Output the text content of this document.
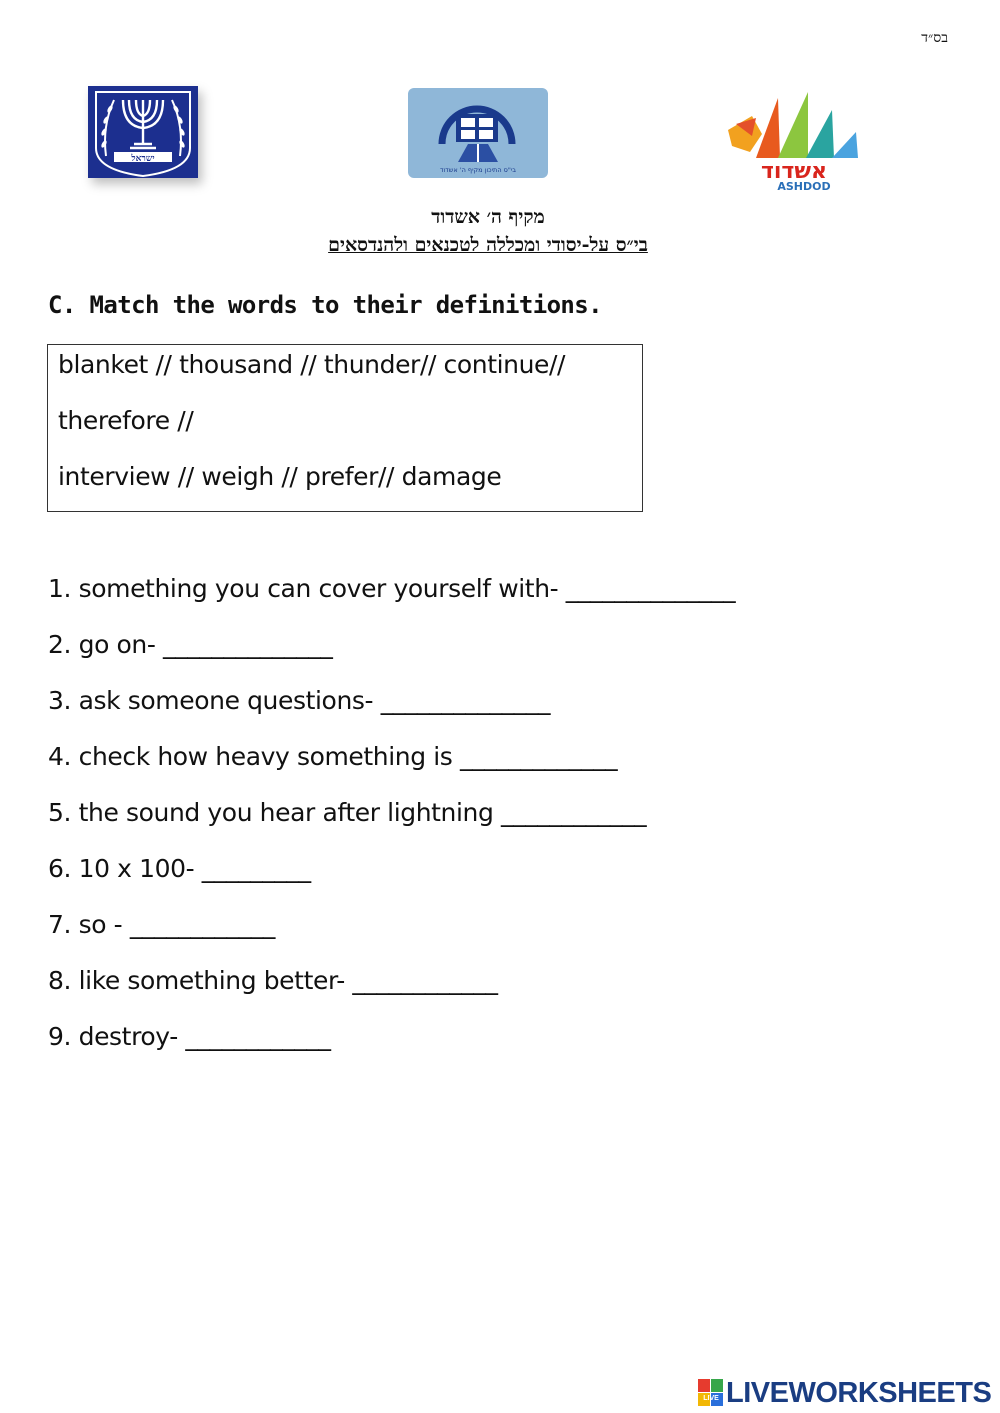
בס״ד
ישראל
בי"ס התיכון מקיף ה' אשדוד	אשדוד
ASHDOD
מקיף ה׳ אשדוד
בי״ס על-יסודי ומכללה לטכנאים ולהנדסאים
C. Match the words to their definitions.
blanket // thousand // thunder// continue//
therefore //
interview // weigh // prefer// damage
1. something you can cover yourself with- ______________
2. go on- ______________
3. ask someone questions- ______________
4. check how heavy something is _____________
5. the sound you hear after lightning ____________
6. 10 x 100- _________
7. so - ____________
8. like something better- ____________
9. destroy- ____________
LIVE LIVEWORKSHEETS
